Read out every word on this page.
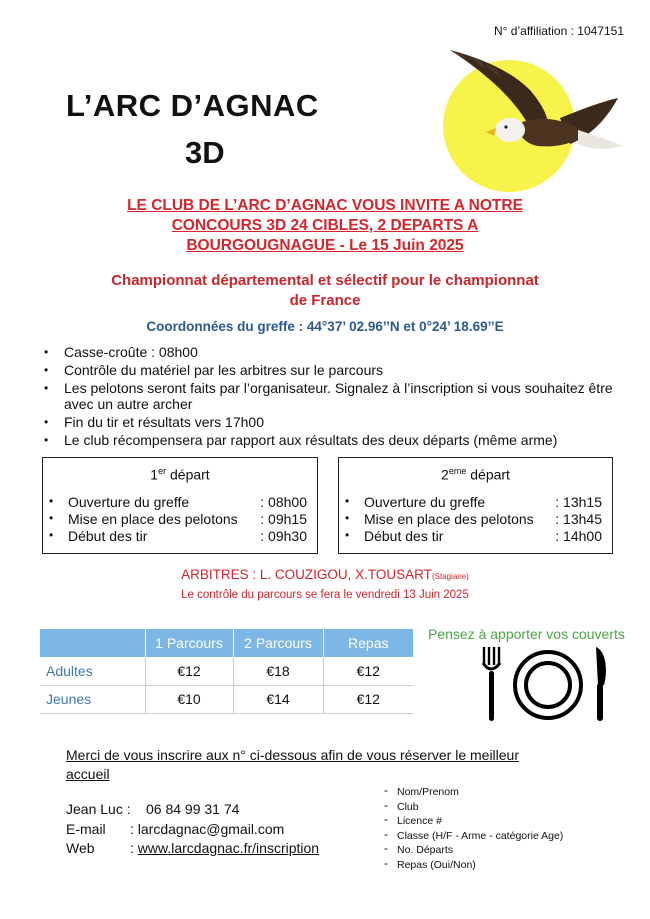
N° d’affiliation : 1047151
L’ARC D’AGNAC
3D
LE CLUB DE L’ARC D’AGNAC VOUS INVITE A NOTRE
CONCOURS 3D 24 CIBLES, 2 DEPARTS A
BOURGOUGNAGUE - Le 15 Juin 2025
Championnat départemental et sélectif pour le championnat
de France
Coordonnées du greffe : 44°37’ 02.96’’N et 0°24’ 18.69’’E
• Casse-croûte : 08h00
• Contrôle du matériel par les arbitres sur le parcours
• Les pelotons seront faits par l’organisateur. Signalez à l’inscription si vous souhaitez être avec un autre archer
• Fin du tir et résultats vers 17h00
• Le club récompensera par rapport aux résultats des deux départs (même arme)
1er départ
• Ouverture du greffe	: 08h00
• Mise en place des pelotons : 09h15
• Début des tir	: 09h30
2eme départ
• Ouverture du greffe	: 13h15
• Mise en place des pelotons : 13h45
• Début des tir	: 14h00
ARBITRES : L. COUZIGOU, X.TOUSART(Stagiaire)
Le contrôle du parcours se fera le vendredi 13 Juin 2025
	1 Parcours	2 Parcours	Repas
Adultes	€12	€18	€12
Jeunes	€10	€14	€12
Pensez à apporter vos couverts
Merci de vous inscrire aux n° ci-dessous afin de vous réserver le meilleur accueil
Jean Luc : 06 84 99 31 74
E-mail : larcdagnac@gmail.com
Web	: www.larcdagnac.fr/inscription
- Nom/Prenom
- Club
- Licence #
- Classe (H/F - Arme - catégorie Age)
- No. Départs
- Repas (Oui/Non)
